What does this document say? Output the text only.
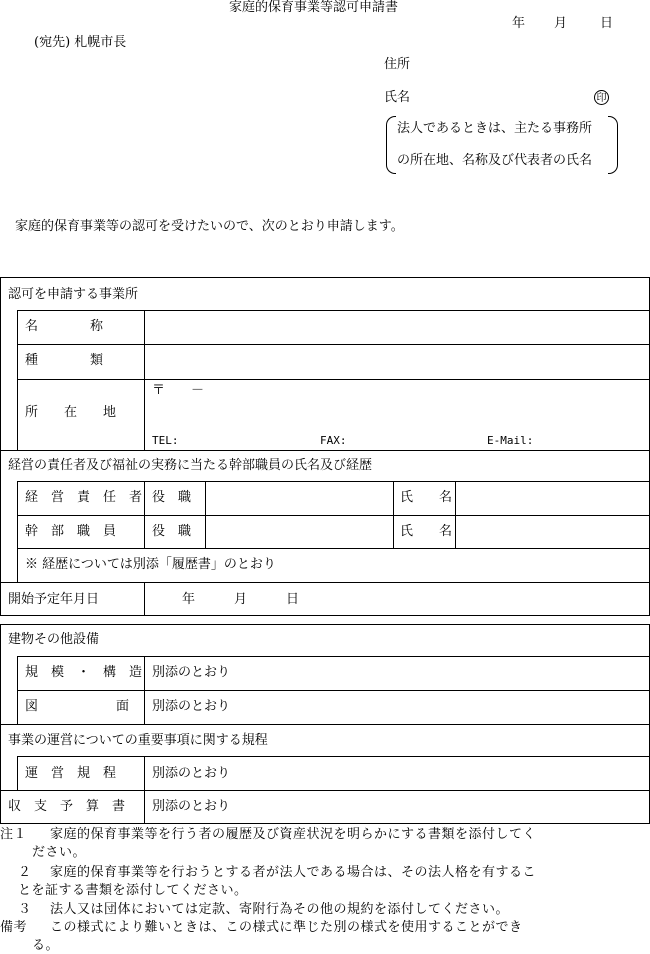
家庭的保育事業等認可申請書
年 月	日
(宛先) 札幌市長
住所
氏名	印
法人であるときは、主たる事務所
の所在地、名称及び代表者の氏名
家庭的保育事業等の認可を受けたいので、次のとおり申請します。
認可を申請する事業所
名　　　　称
種　　　　類
所　　在　　地
〒　　－
TEL:	FAX:	E-Mail:
経営の責任者及び福祉の実務に当たる幹部職員の氏名及び経歴
経　営　責　任　者 役　職	氏　　名
幹　部　職　員	役　職	氏　　名
※ 経歴については別添「履歴書」のとおり
開始予定年月日	年　　　月　　　日
建物その他設備
規　模　・　構　造 別添のとおり
図　　　　　　面 別添のとおり
事業の運営についての重要事項に関する規程
運　営　規　程	別添のとおり
収　支　予　算　書 別添のとおり
注１ 家庭的保育事業等を行う者の履歴及び資産状況を明らかにする書類を添付してく
ださい。
２ 家庭的保育事業等を行おうとする者が法人である場合は、その法人格を有するこ
とを証する書類を添付してください。
３ 法人又は団体においては定款、寄附行為その他の規約を添付してください。
備考 この様式により難いときは、この様式に準じた別の様式を使用することができ
る。
